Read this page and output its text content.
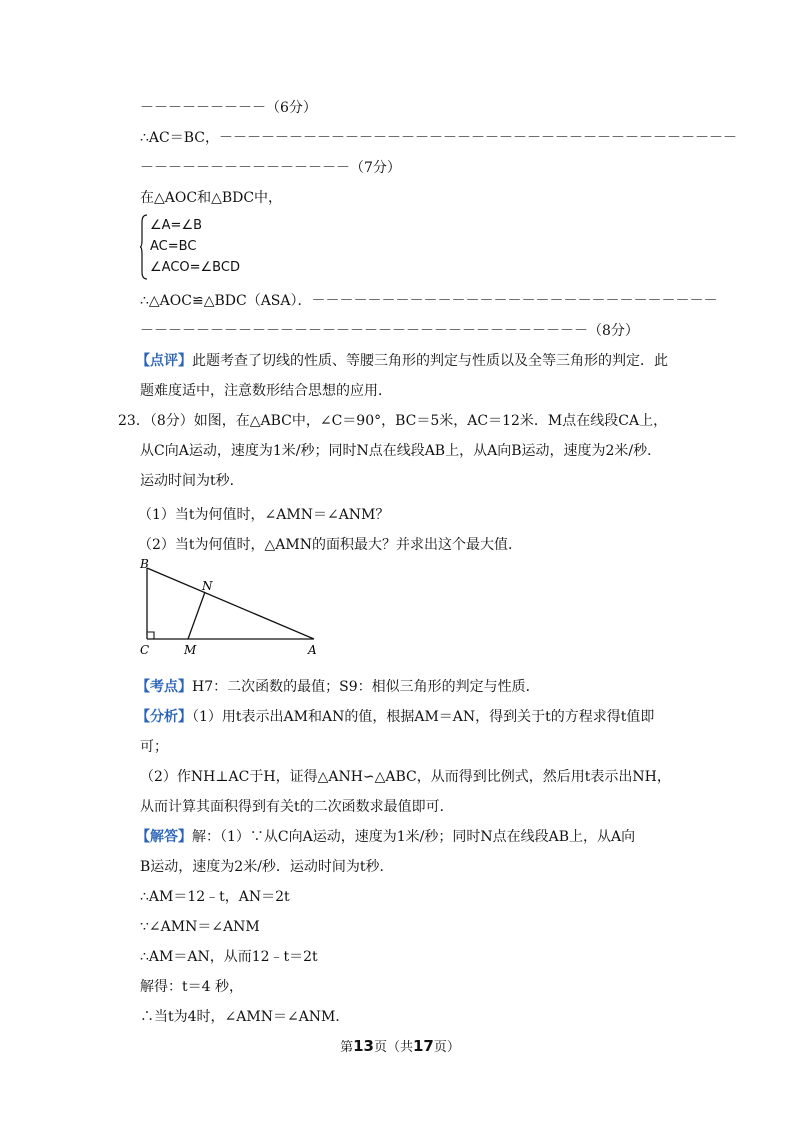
－－－－－－－－－（6分）
∴AC＝BC，－－－－－－－－－－－－－－－－－－－－－－－－－－－－－－－－－－－－－
－－－－－－－－－－－－－－－（7分）
在△AOC和△BDC中，
∠A=∠B
AC=BC
∠ACO=∠BCD
∴△AOC≌△BDC（ASA）．－－－－－－－－－－－－－－－－－－－－－－－－－－－－－
－－－－－－－－－－－－－－－－－－－－－－－－－－－－－－－－（8分）
【点评】此题考查了切线的性质、等腰三角形的判定与性质以及全等三角形的判定．此
题难度适中，注意数形结合思想的应用．
23．（8分）如图，在△ABC中，∠C＝90°，BC＝5米，AC＝12米．M点在线段CA上，
从C向A运动，速度为1米/秒；同时N点在线段AB上，从A向B运动，速度为2米/秒．
运动时间为t秒．
（1）当t为何值时，∠AMN＝∠ANM？
（2）当t为何值时，△AMN的面积最大？并求出这个最大值．
B
C	M
N
A
【考点】H7：二次函数的最值；S9：相似三角形的判定与性质．
【分析】（1）用t表示出AM和AN的值，根据AM＝AN，得到关于t的方程求得t值即
可；
（2）作NH⊥AC于H，证得△ANH∽△ABC，从而得到比例式，然后用t表示出NH，
从而计算其面积得到有关t的二次函数求最值即可．
【解答】解：（1）∵从C向A运动，速度为1米/秒；同时N点在线段AB上，从A向
B运动，速度为2米/秒．运动时间为t秒．
∴AM＝12﹣t，AN＝2t
∵∠AMN＝∠ANM
∴AM＝AN，从而12﹣t＝2t
解得：t＝4 秒，
∴当t为4时，∠AMN＝∠ANM．
第13页（共17页）
